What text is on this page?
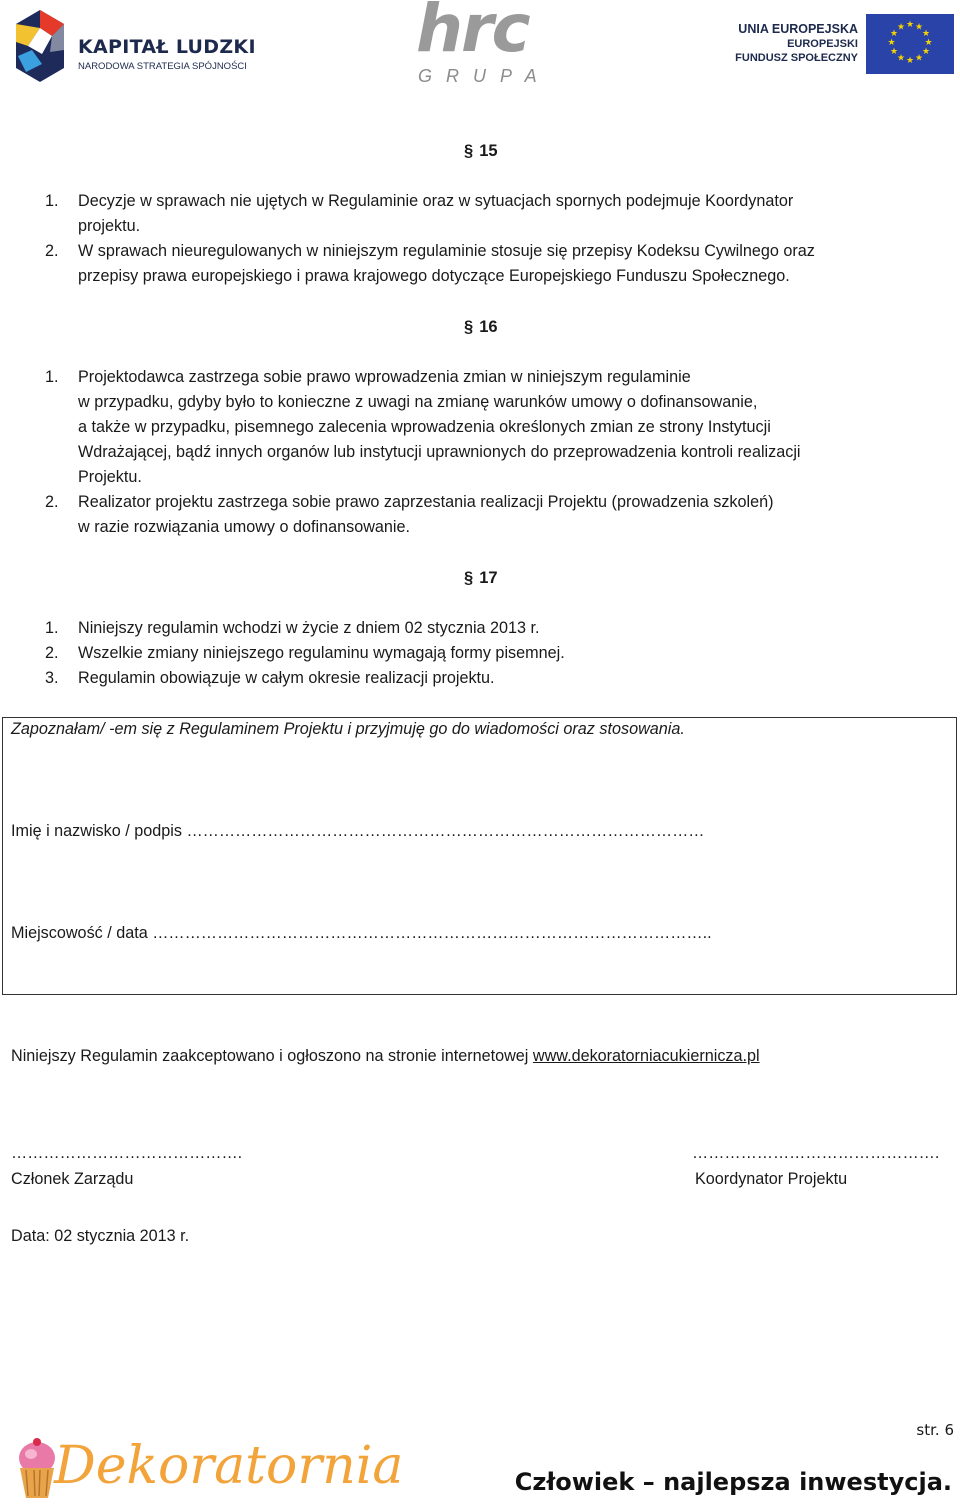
KAPITAŁ LUDZKI
NARODOWA STRATEGIA SPÓJNOŚCI	hrc
GRUPA
UNIA EUROPEJSKA
EUROPEJSKI
FUNDUSZ SPOŁECZNY
★ ★
★
★
★
★
★
★
★
★
★
★
§ 15
1. Decyzje w sprawach nie ujętych w Regulaminie oraz w sytuacjach spornych podejmuje Koordynator
projektu.
2. W sprawach nieuregulowanych w niniejszym regulaminie stosuje się przepisy Kodeksu Cywilnego oraz
przepisy prawa europejskiego i prawa krajowego dotyczące Europejskiego Funduszu Społecznego.
§ 16
1. Projektodawca zastrzega sobie prawo wprowadzenia zmian w niniejszym regulaminie
w przypadku, gdyby było to konieczne z uwagi na zmianę warunków umowy o dofinansowanie,
a także w przypadku, pisemnego zalecenia wprowadzenia określonych zmian ze strony Instytucji
Wdrażającej, bądź innych organów lub instytucji uprawnionych do przeprowadzenia kontroli realizacji
Projektu.
2. Realizator projektu zastrzega sobie prawo zaprzestania realizacji Projektu (prowadzenia szkoleń)
w razie rozwiązania umowy o dofinansowanie.
§ 17
1. Niniejszy regulamin wchodzi w życie z dniem 02 stycznia 2013 r.
2. Wszelkie zmiany niniejszego regulaminu wymagają formy pisemnej.
3. Regulamin obowiązuje w całym okresie realizacji projektu.
Zapoznałam/ -em się z Regulaminem Projektu i przyjmuję go do wiadomości oraz stosowania.
Imię i nazwisko / podpis ……………………………………………………………………………………
Miejscowość / data …………………………………………………………………………………………..
Niniejszy Regulamin zaakceptowano i ogłoszono na stronie internetowej www.dekoratorniacukiernicza.pl
…………………………………….
Członek Zarządu
……………………………………….
Koordynator Projektu
Data: 02 stycznia 2013 r.
str. 6
Dekoratornia	Człowiek – najlepsza inwestycja.
